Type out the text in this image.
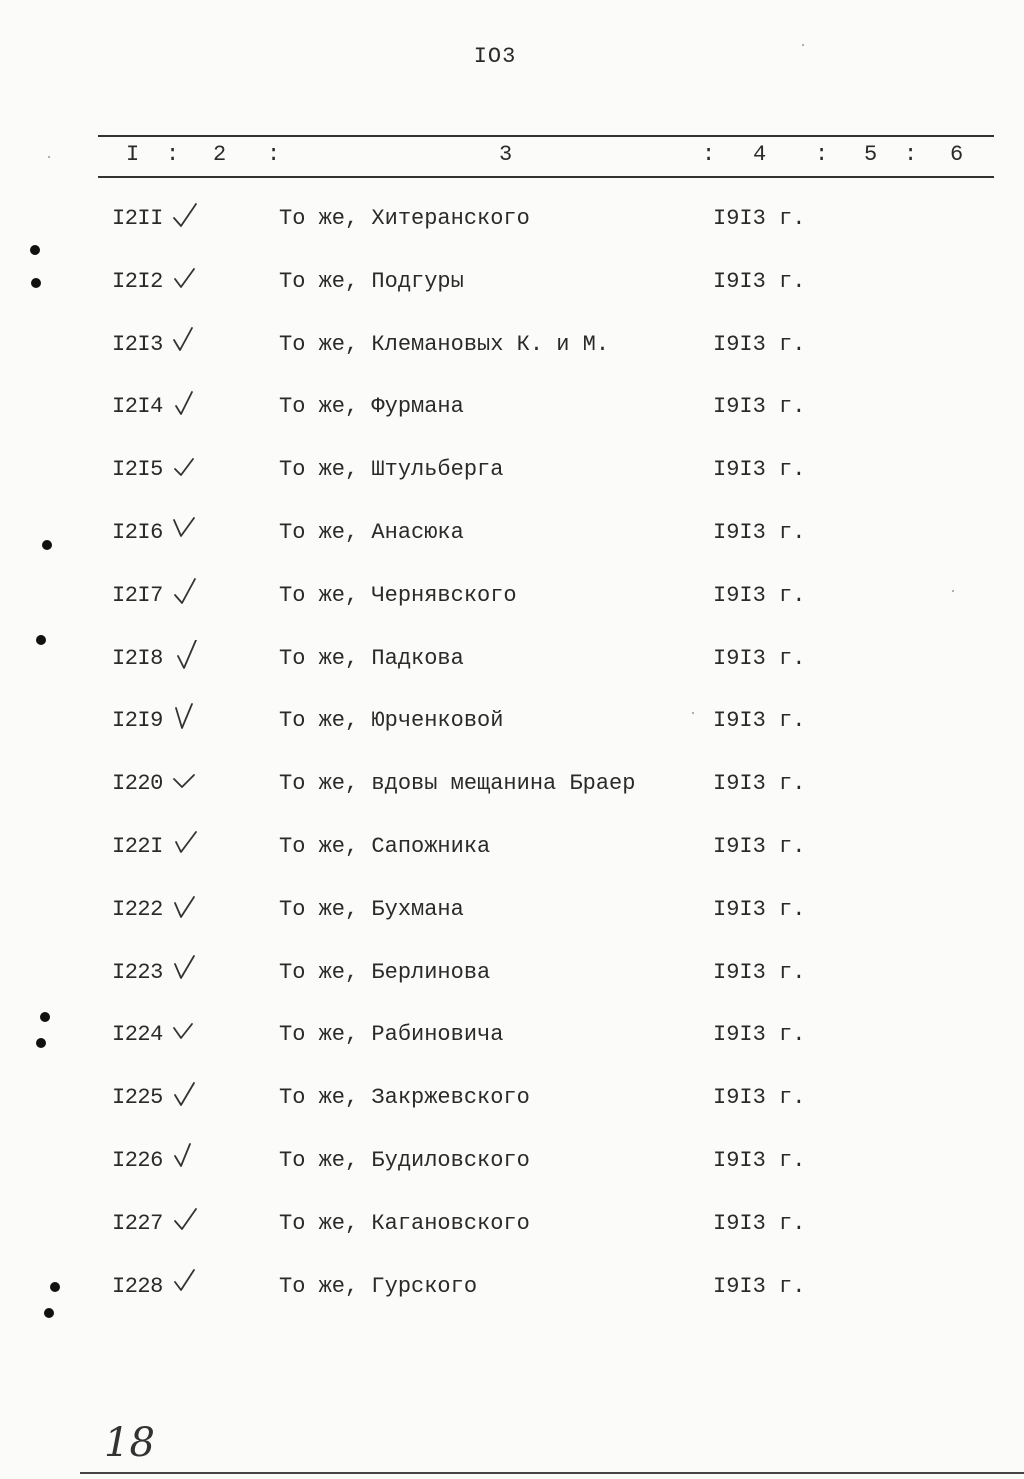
IO3
I : 2 :	3	: 4 : 5 : 6
I2II	То же, Хитеранского	I9I3 г.
I2I2	То же, Подгуры	I9I3 г.
I2I3	То же, Клемановых К. и М.	I9I3 г.
I2I4	То же, Фурмана	I9I3 г.
I2I5	То же, Штульберга	I9I3 г.
I2I6	То же, Анасюка	I9I3 г.
I2I7	То же, Чернявского	I9I3 г.
I2I8	То же, Падкова	I9I3 г.
I2I9	То же, Юрченковой	I9I3 г.
I220	То же, вдовы мещанина Браер	I9I3 г.
I22I	То же, Сапожника	I9I3 г.
I222	То же, Бухмана	I9I3 г.
I223	То же, Берлинова	I9I3 г.
I224	То же, Рабиновича	I9I3 г.
I225	То же, Закржевского	I9I3 г.
I226	То же, Будиловского	I9I3 г.
I227	То же, Кагановского	I9I3 г.
I228	То же, Гурского	I9I3 г.
18
